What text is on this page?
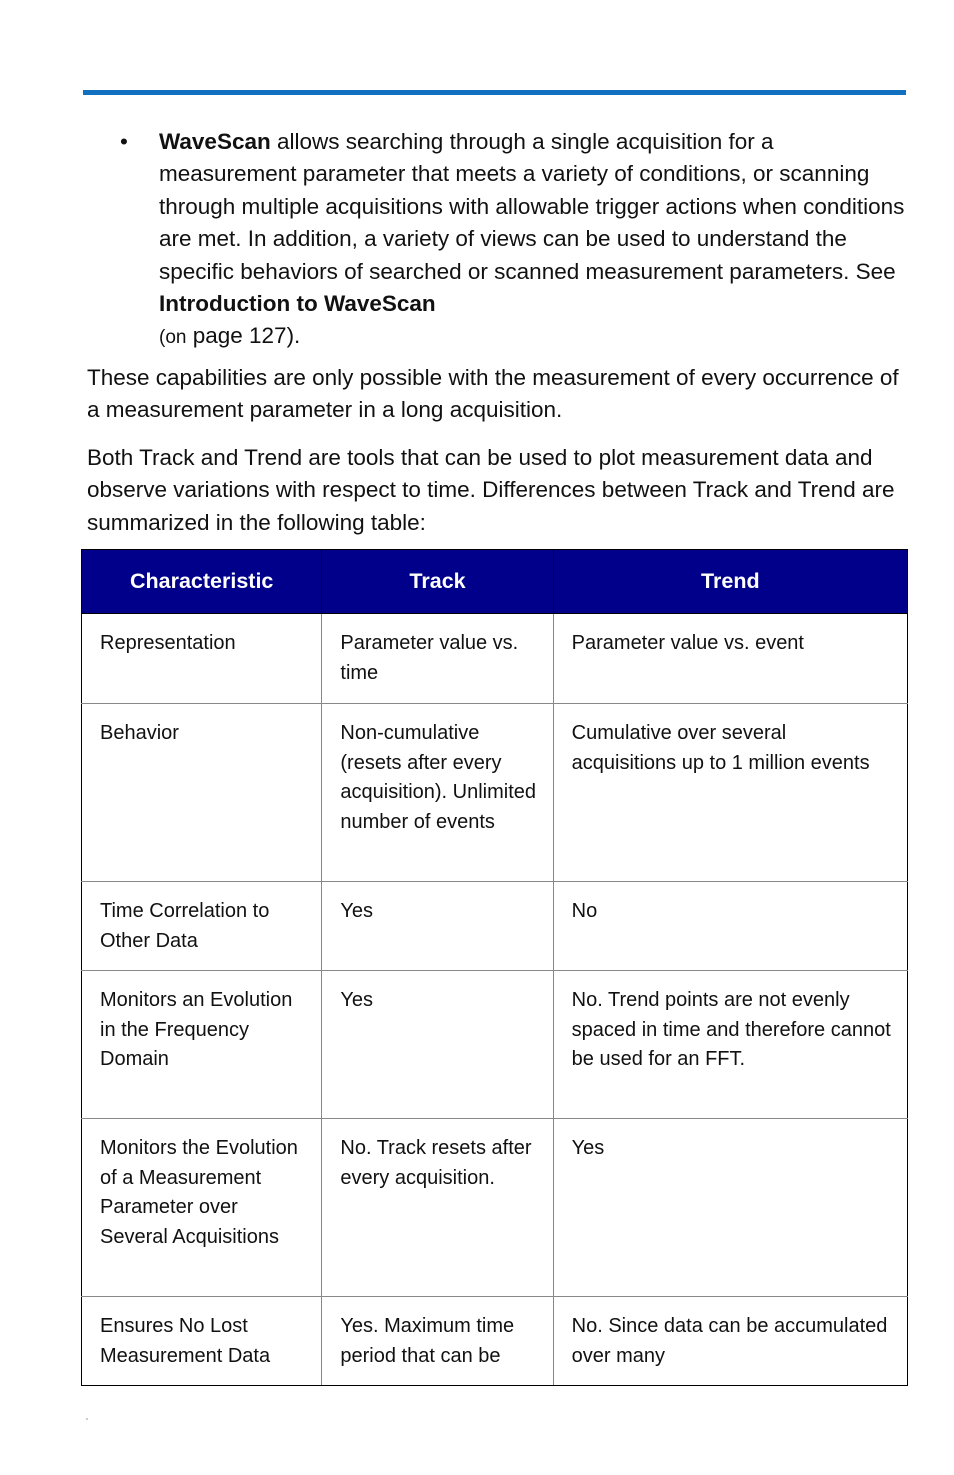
•	WaveScan allows searching through a single acquisition for a measurement parameter that meets a variety of conditions, or scanning through multiple acquisitions with allowable trigger actions when conditions are met. In addition, a variety of views can be used to understand the specific behaviors of searched or scanned measurement parameters. See Introduction to WaveScan
(on page 127).

These capabilities are only possible with the measurement of every occurrence of a measurement parameter in a long acquisition.

Both Track and Trend are tools that can be used to plot measurement data and observe variations with respect to time. Differences between Track and Trend are summarized in the following table:

Characteristic	Track	Trend
Representation	Parameter value vs. time	Parameter value vs. event
Behavior	Non-cumulative (resets after every acquisition). Unlimited number of events	Cumulative over several acquisitions up to 1 million events
Time Correlation to Other Data	Yes	No
Monitors an Evolution in the Frequency Domain	Yes	No. Trend points are not evenly spaced in time and therefore cannot be used for an FFT.
Monitors the Evolution of a Measurement Parameter over Several Acquisitions	No. Track resets after every acquisition.	Yes
Ensures No Lost Measurement Data	Yes. Maximum time period that can be	No. Since data can be accumulated over many
